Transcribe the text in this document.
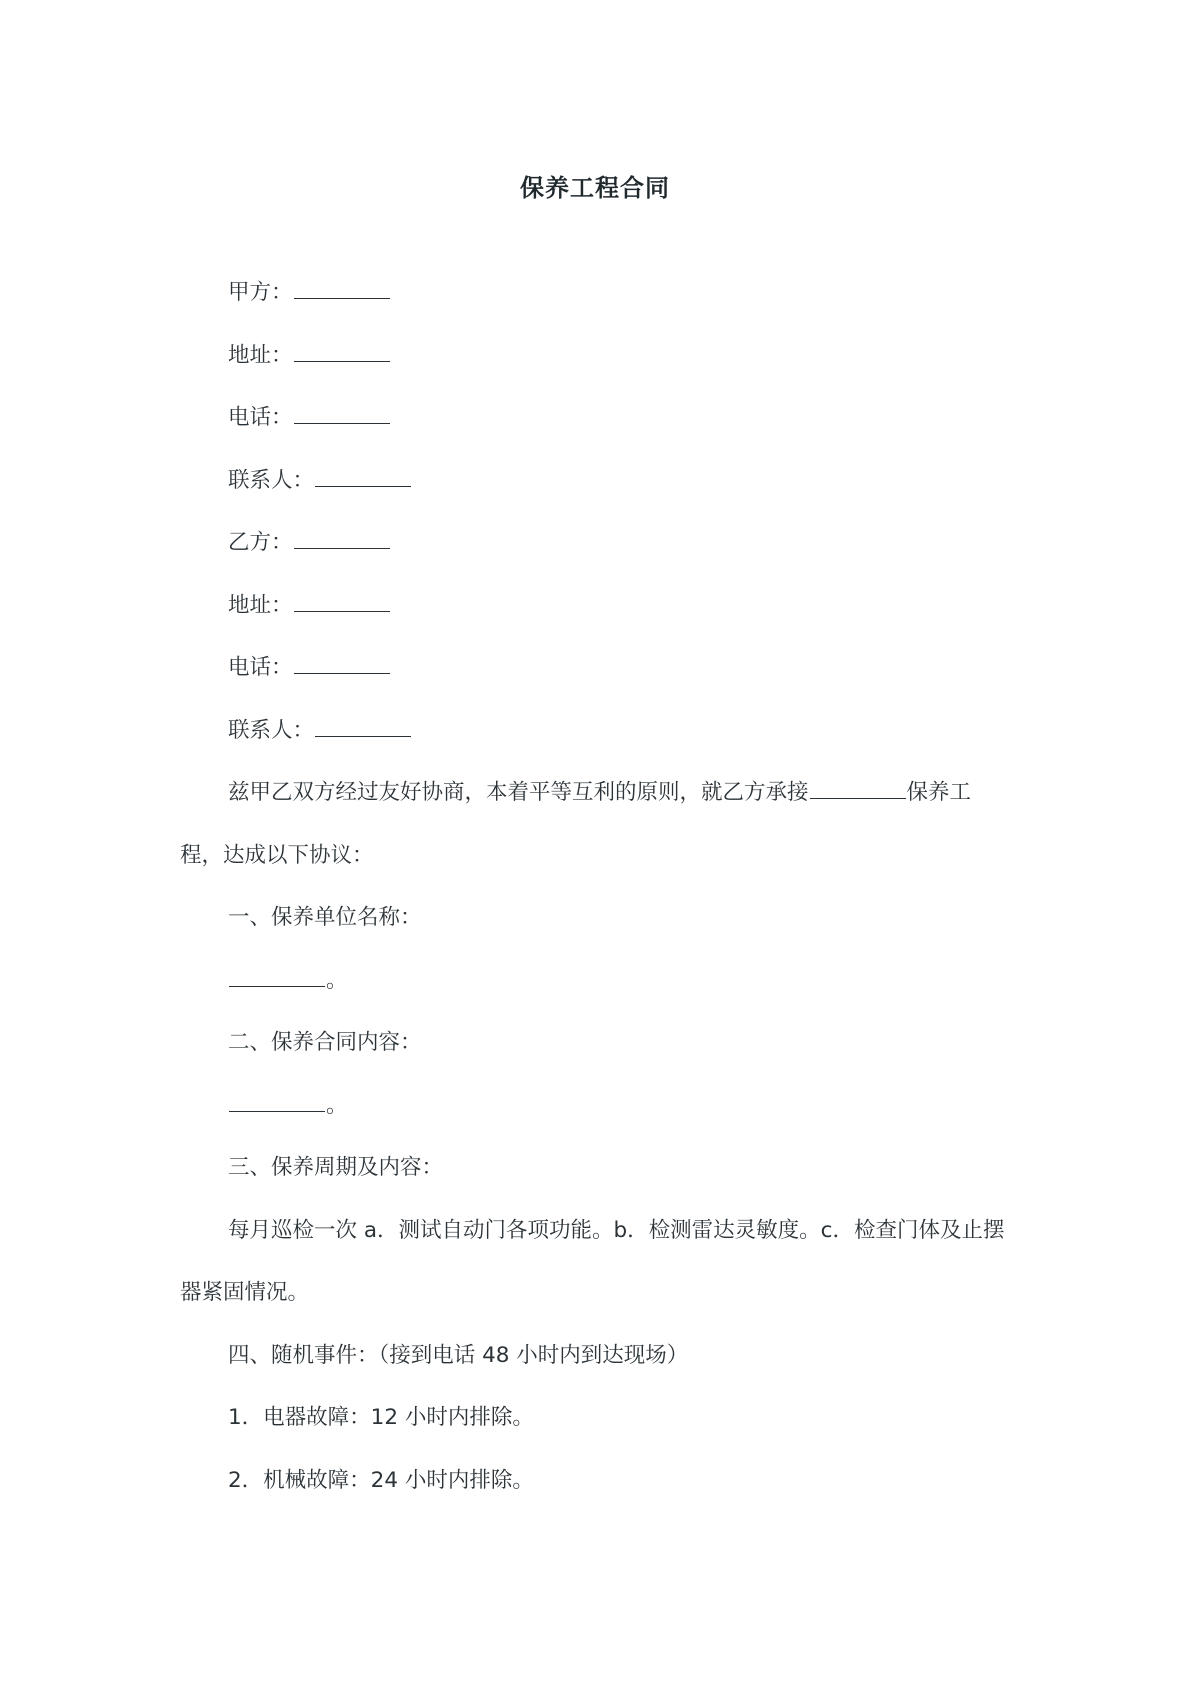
保养工程合同

甲方：

地址：

电话：

联系人：

乙方：

地址：

电话：

联系人：

兹甲乙双方经过友好协商，本着平等互利的原则，就乙方承接	保养工程，达成以下协议：

一、保养单位名称：

。

二、保养合同内容：

。

三、保养周期及内容：

每月巡检一次 a．测试自动门各项功能。b．检测雷达灵敏度。c．检查门体及止摆器紧固情况。

四、随机事件：（接到电话 48 小时内到达现场）

1．电器故障：12 小时内排除。

2．机械故障：24 小时内排除。
